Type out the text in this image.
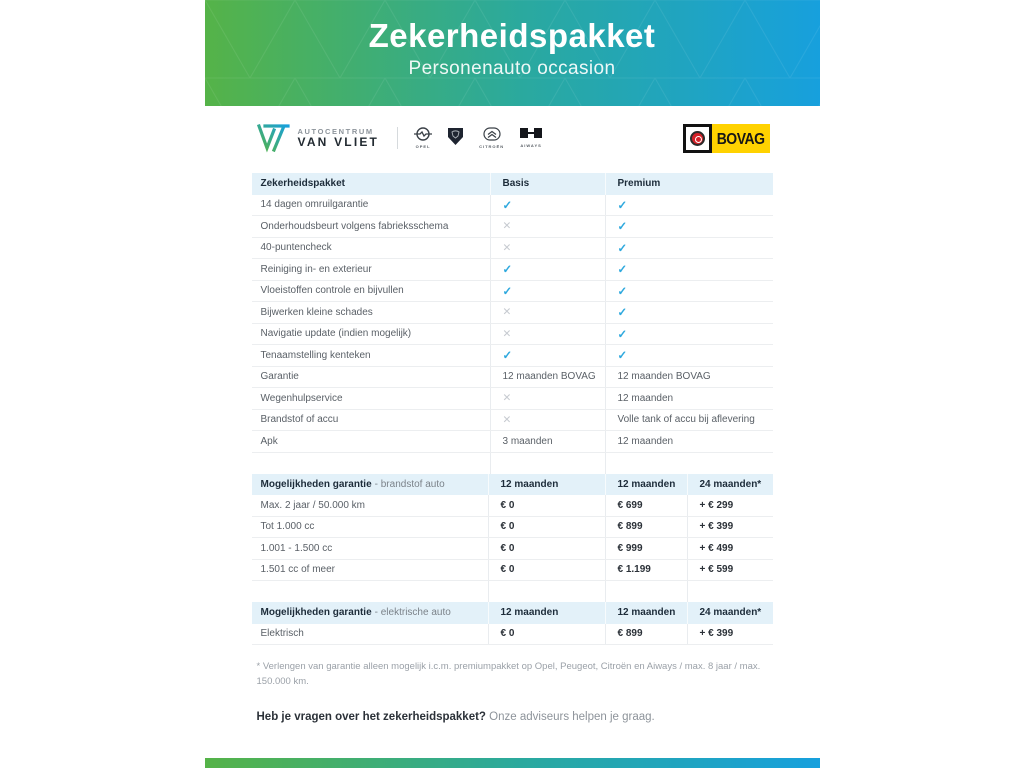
Zekerheidspakket
Personenauto occasion
AUTOCENTRUM
VAN VLIET	OPEL	CITROËN	AIWAYS	BOVAG
Zekerheidspakket	Basis	Premium
14 dagen omruilgarantie	✓	✓
Onderhoudsbeurt volgens fabrieksschema	✕	✓
40-puntencheck	✕	✓
Reiniging in- en exterieur	✓	✓
Vloeistoffen controle en bijvullen	✓	✓
Bijwerken kleine schades	✕	✓
Navigatie update (indien mogelijk)	✕	✓
Tenaamstelling kenteken	✓	✓
Garantie	12 maanden BOVAG	12 maanden BOVAG
Wegenhulpservice	✕	12 maanden
Brandstof of accu	✕	Volle tank of accu bij aflevering
Apk	3 maanden	12 maanden
Mogelijkheden garantie - brandstof auto	12 maanden	12 maanden	24 maanden*
Max. 2 jaar / 50.000 km	€ 0	€ 699	+ € 299
Tot 1.000 cc	€ 0	€ 899	+ € 399
1.001 - 1.500 cc	€ 0	€ 999	+ € 499
1.501 cc of meer	€ 0	€ 1.199	+ € 599
Mogelijkheden garantie - elektrische auto	12 maanden	12 maanden	24 maanden*
Elektrisch	€ 0	€ 899	+ € 399
* Verlengen van garantie alleen mogelijk i.c.m. premiumpakket op Opel, Peugeot, Citroën en Aiways / max. 8 jaar / max. 150.000 km.
Heb je vragen over het zekerheidspakket? Onze adviseurs helpen je graag.
